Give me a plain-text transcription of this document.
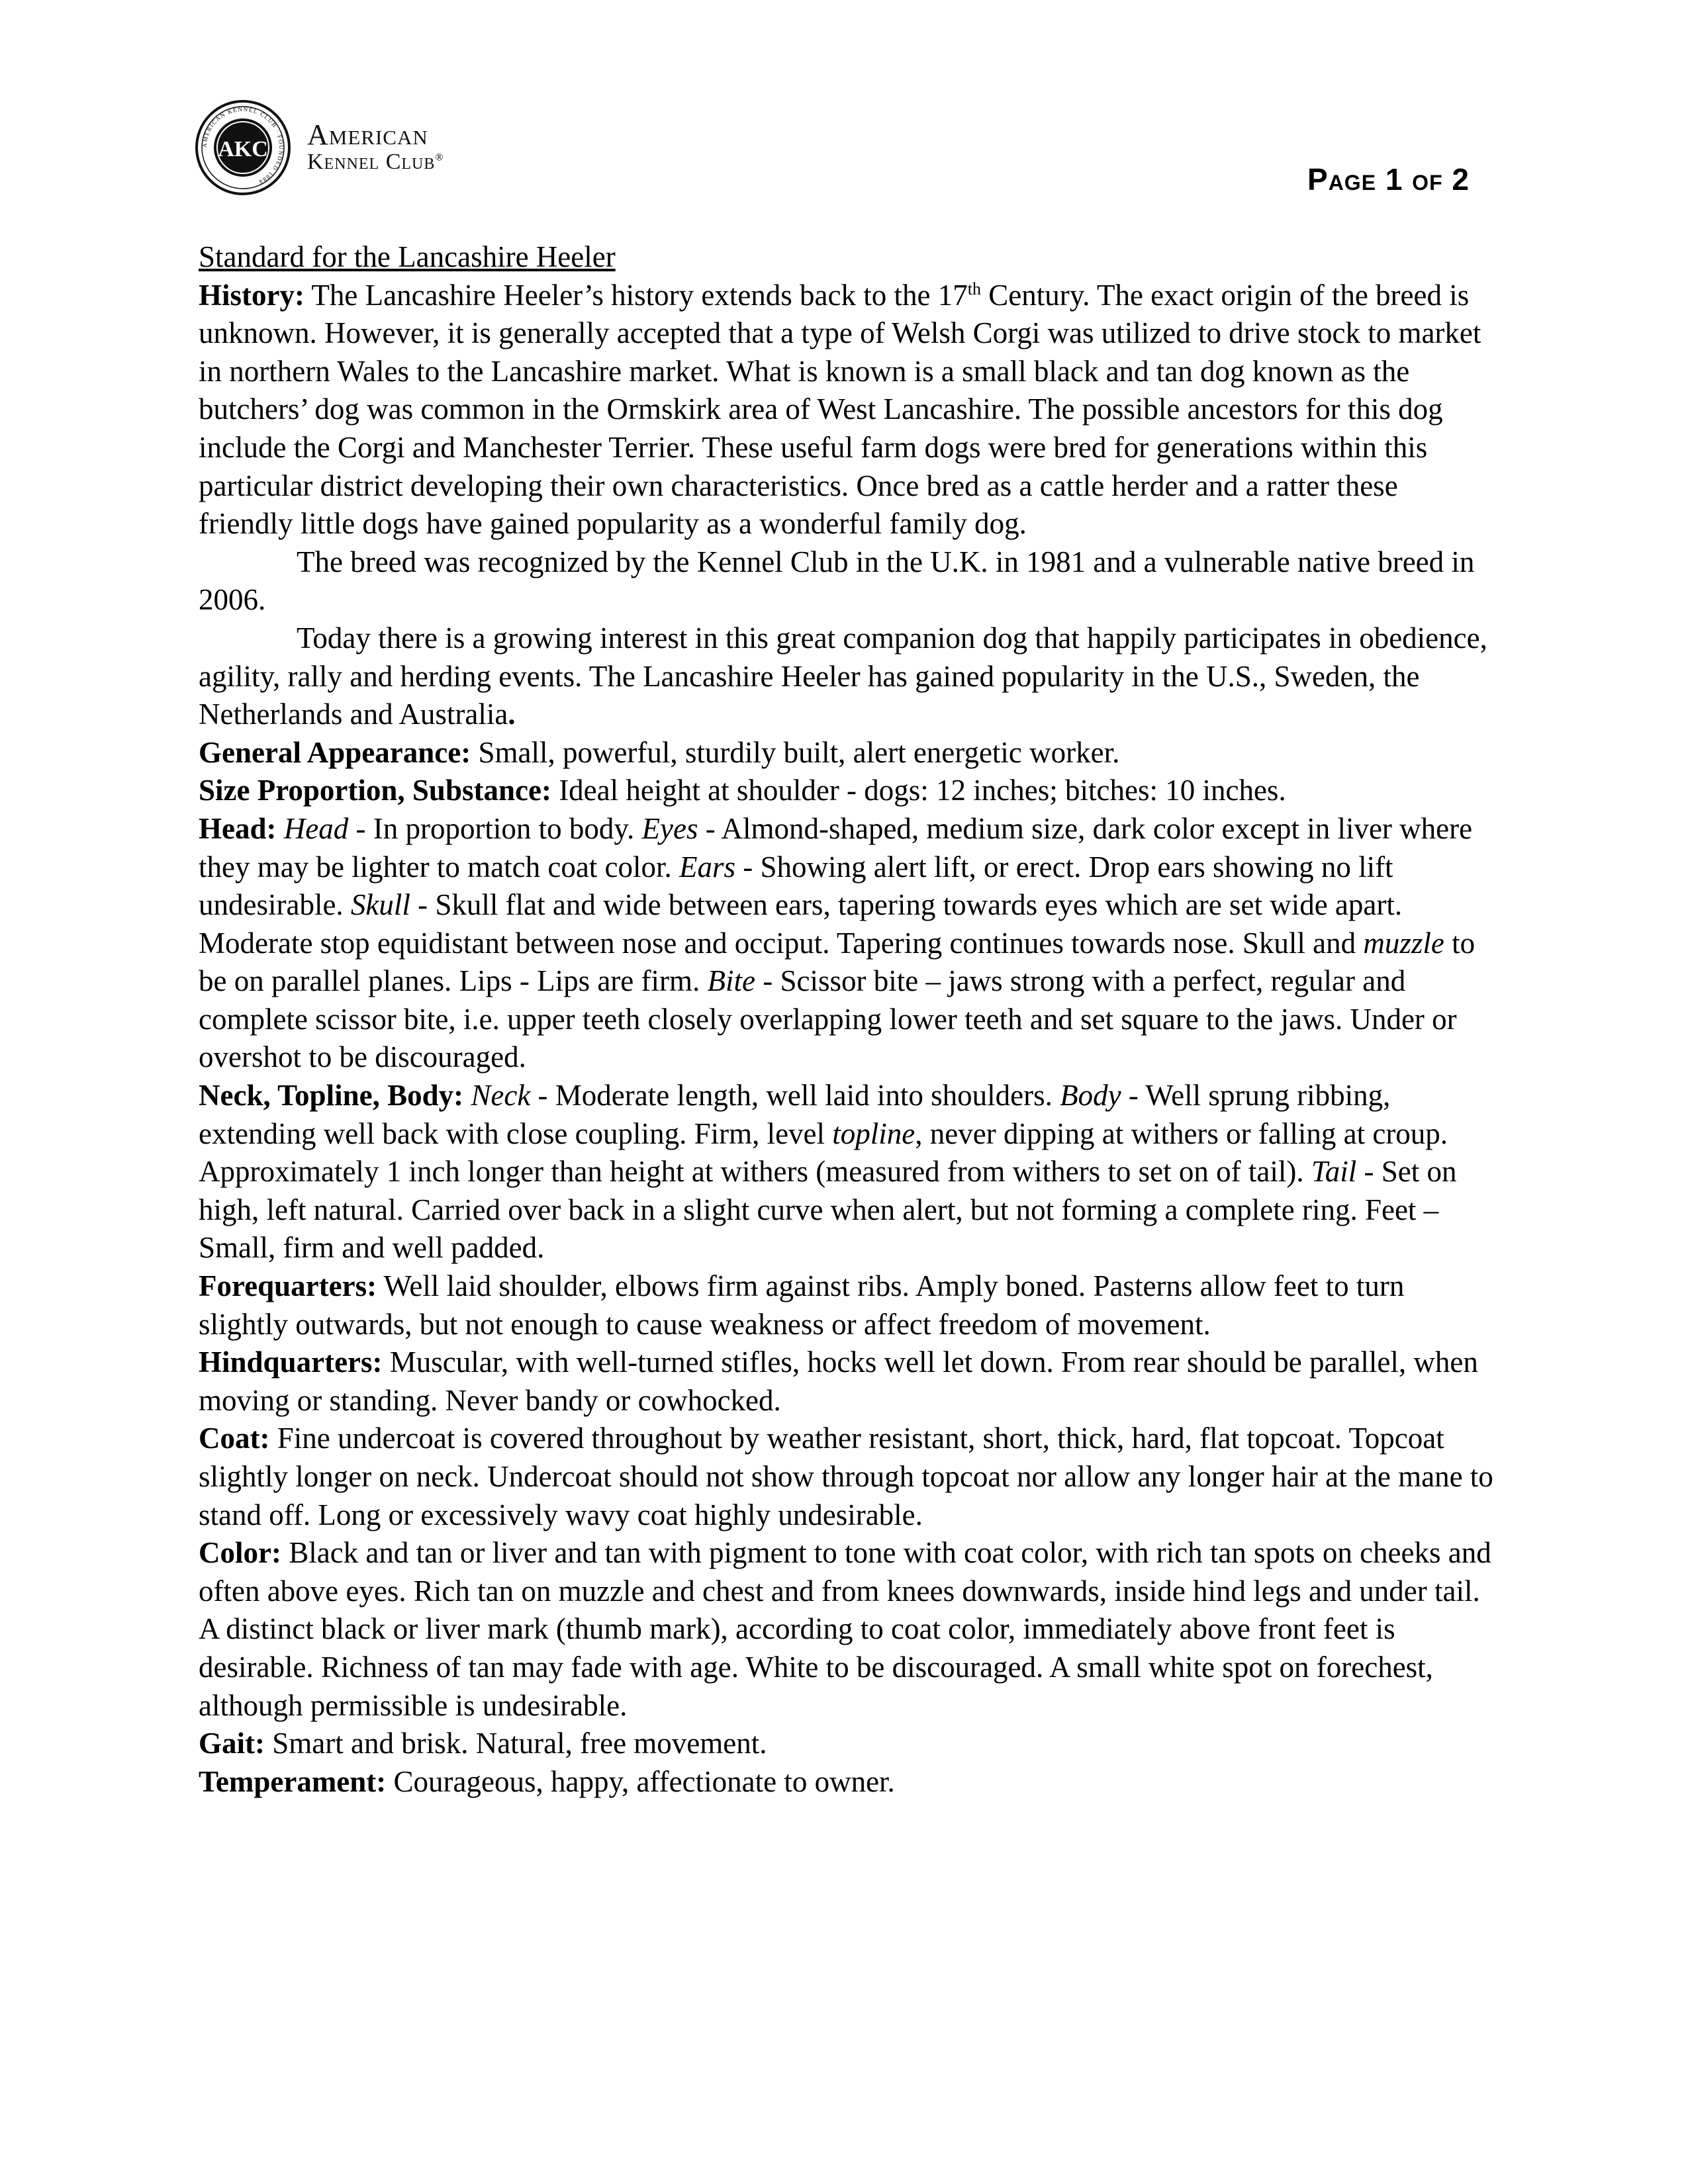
AMERICAN KENNEL CLUB · FOUNDED 1884
AKC American
Kennel Club®
Page 1 of 2

Standard for the Lancashire Heeler

History: The Lancashire Heeler’s history extends back to the 17th Century. The exact origin of the breed is unknown. However, it is generally accepted that a type of Welsh Corgi was utilized to drive stock to market in northern Wales to the Lancashire market. What is known is a small black and tan dog known as the butchers’ dog was common in the Ormskirk area of West Lancashire. The possible ancestors for this dog include the Corgi and Manchester Terrier. These useful farm dogs were bred for generations within this particular district developing their own characteristics. Once bred as a cattle herder and a ratter these friendly little dogs have gained popularity as a wonderful family dog.

The breed was recognized by the Kennel Club in the U.K. in 1981 and a vulnerable native breed in 2006.

Today there is a growing interest in this great companion dog that happily participates in obedience, agility, rally and herding events. The Lancashire Heeler has gained popularity in the U.S., Sweden, the Netherlands and Australia.

General Appearance: Small, powerful, sturdily built, alert energetic worker.

Size Proportion, Substance: Ideal height at shoulder - dogs: 12 inches; bitches: 10 inches.

Head: Head - In proportion to body. Eyes - Almond-shaped, medium size, dark color except in liver where they may be lighter to match coat color. Ears - Showing alert lift, or erect. Drop ears showing no lift undesirable. Skull - Skull flat and wide between ears, tapering towards eyes which are set wide apart. Moderate stop equidistant between nose and occiput. Tapering continues towards nose. Skull and muzzle to be on parallel planes. Lips - Lips are firm. Bite - Scissor bite – jaws strong with a perfect, regular and complete scissor bite, i.e. upper teeth closely overlapping lower teeth and set square to the jaws. Under or overshot to be discouraged.

Neck, Topline, Body: Neck - Moderate length, well laid into shoulders. Body - Well sprung ribbing, extending well back with close coupling. Firm, level topline, never dipping at withers or falling at croup. Approximately 1 inch longer than height at withers (measured from withers to set on of tail). Tail - Set on high, left natural. Carried over back in a slight curve when alert, but not forming a complete ring. Feet – Small, firm and well padded.

Forequarters: Well laid shoulder, elbows firm against ribs. Amply boned. Pasterns allow feet to turn slightly outwards, but not enough to cause weakness or affect freedom of movement.

Hindquarters: Muscular, with well-turned stifles, hocks well let down. From rear should be parallel, when moving or standing. Never bandy or cowhocked.

Coat: Fine undercoat is covered throughout by weather resistant, short, thick, hard, flat topcoat. Topcoat slightly longer on neck. Undercoat should not show through topcoat nor allow any longer hair at the mane to stand off. Long or excessively wavy coat highly undesirable.

Color: Black and tan or liver and tan with pigment to tone with coat color, with rich tan spots on cheeks and often above eyes. Rich tan on muzzle and chest and from knees downwards, inside hind legs and under tail. A distinct black or liver mark (thumb mark), according to coat color, immediately above front feet is desirable. Richness of tan may fade with age. White to be discouraged. A small white spot on forechest, although permissible is undesirable.

Gait: Smart and brisk. Natural, free movement.

Temperament: Courageous, happy, affectionate to owner.
